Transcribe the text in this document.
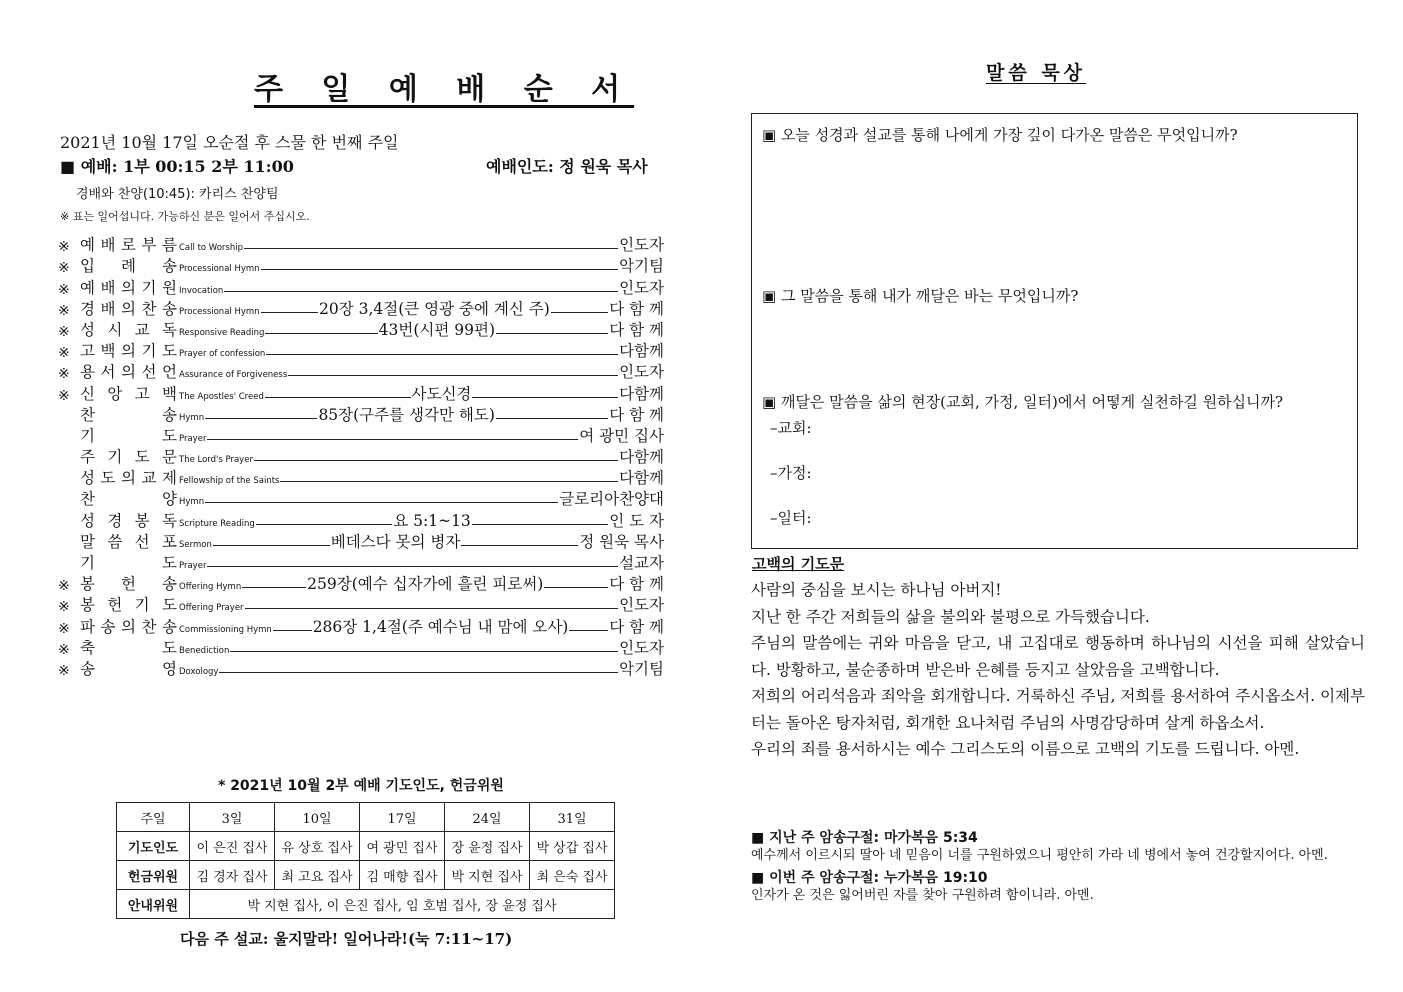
주 일 예 배 순 서
2021년 10월 17일 오순절 후 스물 한 번째 주일
■ 예배: 1부 00:15 2부 11:00	예배인도: 정 원욱 목사
경배와 찬양(10:45): 카리스 찬양팀
※ 표는 일어섭니다. 가능하신 분은 일어서 주십시오.
※ 예 배 로 부 름 Call to Worship	인도자
※ 입 례 송 Processional Hymn	악기팀
※ 예 배 의 기 원 Invocation	인도자
※ 경 배 의 찬 송 Processional Hymn	20장 3,4절(큰 영광 중에 계신 주)	다 함 께
※ 성 시 교 독 Responsive Reading	43번(시편 99편)	다 함 께
※ 고 백 의 기 도 Prayer of confession	다함께
※ 용 서 의 선 언 Assurance of Forgiveness	인도자
※ 신 앙 고 백 The Apostles' Creed	사도신경	다함께
찬	송 Hymn	85장(구주를 생각만 해도)	다 함 께
기	도 Prayer	여 광민 집사
주 기 도 문 The Lord's Prayer	다함께
성 도 의 교 제 Fellowship of the Saints	다함께
찬	양 Hymn	글로리아찬양대
성 경 봉 독 Scripture Reading	요 5:1~13	인 도 자
말 씀 선 포 Sermon	베데스다 못의 병자	정 원욱 목사
기	도 Prayer	설교자
※ 봉 헌 송 Offering Hymn	259장(예수 십자가에 흘린 피로써)	다 함 께
※ 봉 헌 기 도 Offering Prayer	인도자
※ 파 송 의 찬 송 Commissioning Hymn	286장 1,4절(주 예수님 내 맘에 오사)	다 함 께
※ 축	도 Benediction	인도자
※ 송	영 Doxology	악기팀
* 2021년 10월 2부 예배 기도인도, 헌금위원
주일	3일	10일	17일	24일	31일
기도인도	이 은진 집사	유 상호 집사	여 광민 집사	장 윤정 집사	박 상갑 집사
헌금위원	김 경자 집사	최 고요 집사	김 매향 집사	박 지현 집사	최 은숙 집사
안내위원	박 지현 집사, 이 은진 집사, 임 호범 집사, 장 윤정 집사				
다음 주 설교: 울지말라! 일어나라!(눅 7:11~17)
말씀 묵상
▣ 오늘 성경과 설교를 통해 나에게 가장 깊이 다가온 말씀은 무엇입니까?
▣ 그 말씀을 통해 내가 깨달은 바는 무엇입니까?
▣ 깨달은 말씀을 삶의 현장(교회, 가정, 일터)에서 어떻게 실천하길 원하십니까?
–교회:
–가정:
–일터:
고백의 기도문

사람의 중심을 보시는 하나님 아버지!

지난 한 주간 저희들의 삶을 불의와 불평으로 가득했습니다.

주님의 말씀에는 귀와 마음을 닫고, 내 고집대로 행동하며 하나님의 시선을 피해 살았습니다. 방황하고, 불순종하며 받은바 은혜를 등지고 살았음을 고백합니다.

저희의 어리석음과 죄악을 회개합니다. 거룩하신 주님, 저희를 용서하여 주시옵소서. 이제부터는 돌아온 탕자처럼, 회개한 요나처럼 주님의 사명감당하며 살게 하옵소서.

우리의 죄를 용서하시는 예수 그리스도의 이름으로 고백의 기도를 드립니다. 아멘.

■ 지난 주 암송구절: 마가복음 5:34
예수께서 이르시되 딸아 네 믿음이 너를 구원하였으니 평안히 가라 네 병에서 놓여 건강할지어다. 아멘.
■ 이번 주 암송구절: 누가복음 19:10
인자가 온 것은 잃어버린 자를 찾아 구원하려 함이니라. 아멘.
